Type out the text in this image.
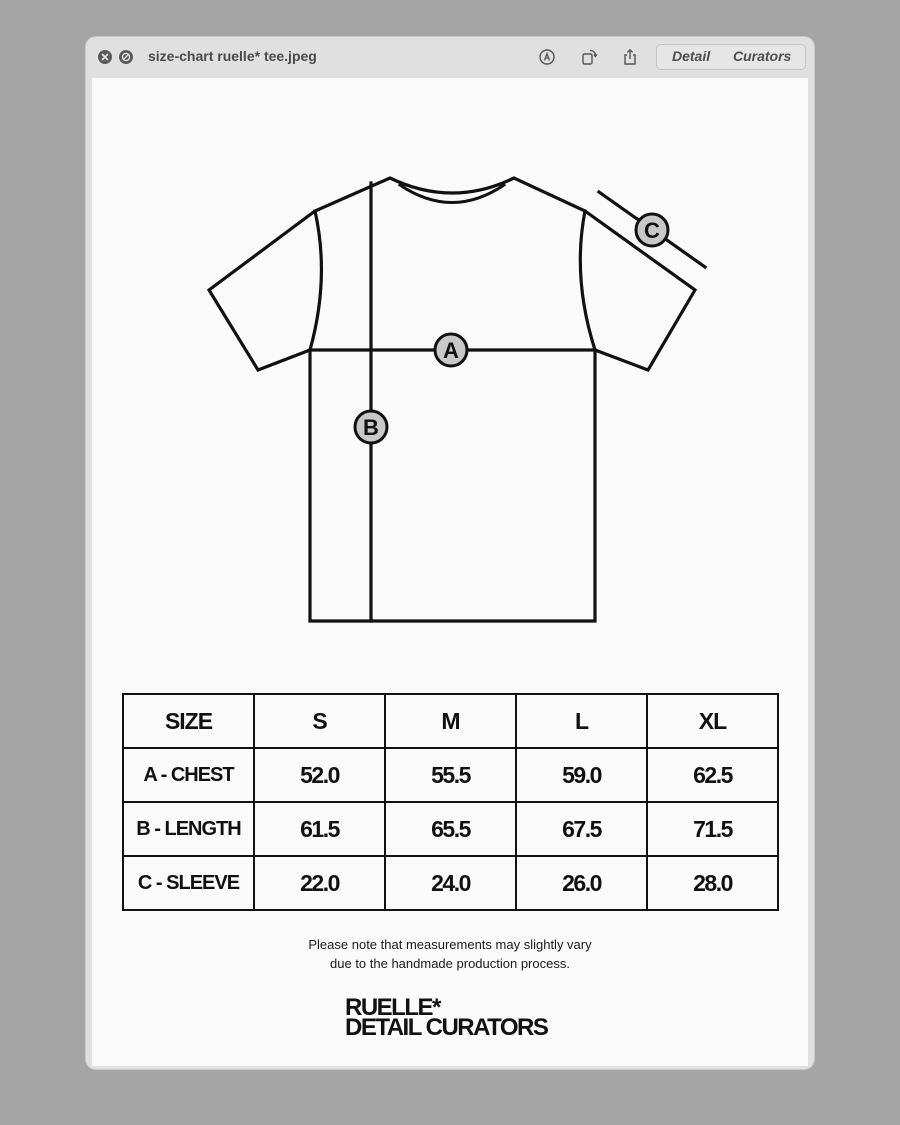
size-chart ruelle* tee.jpeg	Detail Curators
A
B
C
SIZE	S	M	L	XL
A - CHEST	52.0	55.5	59.0	62.5
B - LENGTH	61.5	65.5	67.5	71.5
C - SLEEVE	22.0	24.0	26.0	28.0
Please note that measurements may slightly vary
due to the handmade production process.
RUELLE*
DETAIL CURATORS
